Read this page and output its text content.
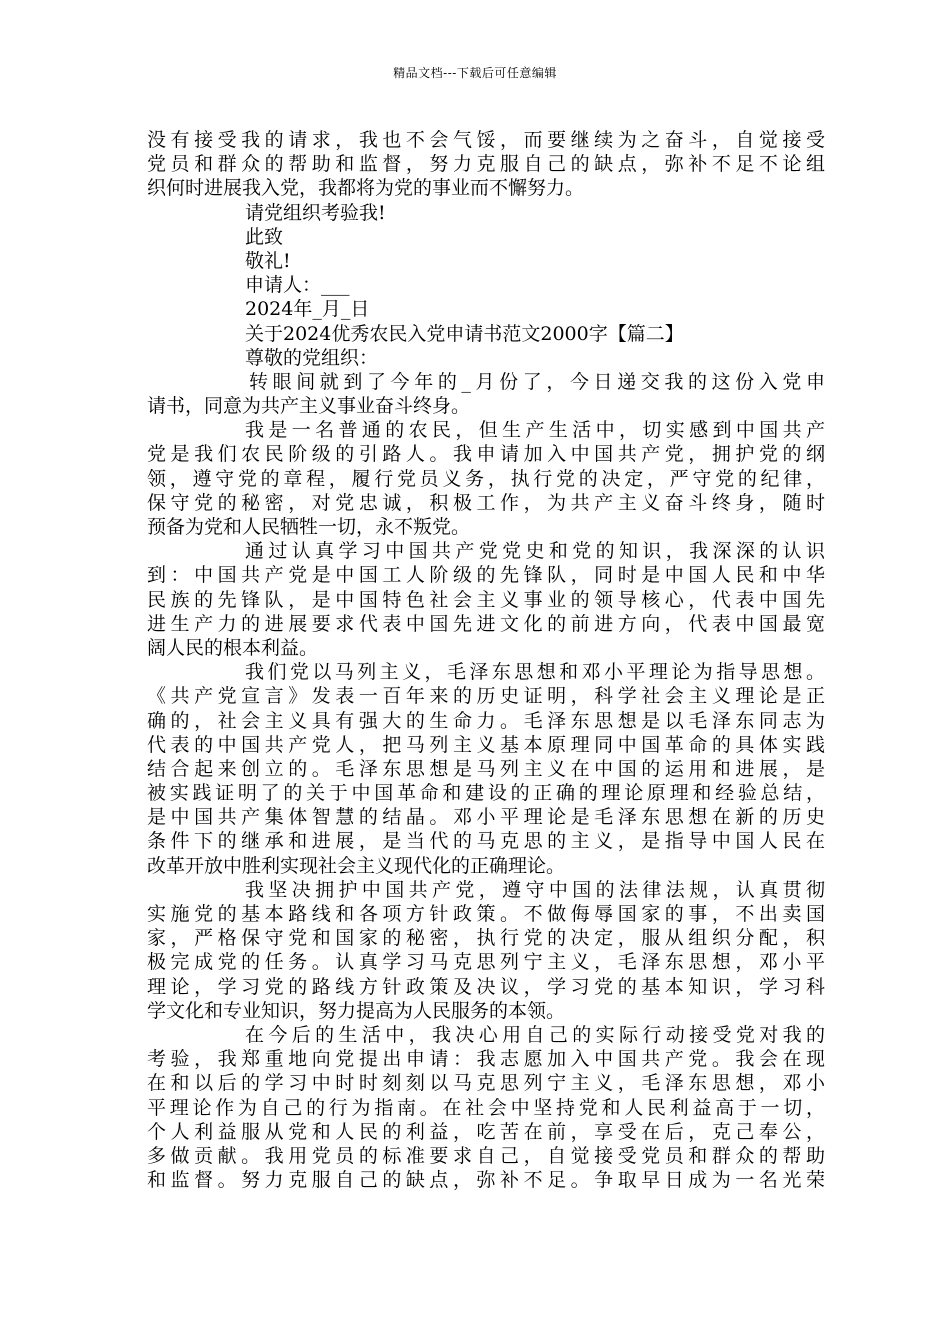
精品文档---下载后可任意编辑
没有接受我的请求，我也不会气馁，而要继续为之奋斗，自觉接受
党员和群众的帮助和监督，努力克服自己的缺点，弥补不足不论组
织何时进展我入党，我都将为党的事业而不懈努力。
请党组织考验我!
此致
敬礼!
申请人：___
2024年_月_日
关于2024优秀农民入党申请书范文2000字【篇二】
尊敬的党组织：
转眼间就到了今年的_月份了，今日递交我的这份入党申
请书，同意为共产主义事业奋斗终身。
我是一名普通的农民，但生产生活中，切实感到中国共产
党是我们农民阶级的引路人。我申请加入中国共产党，拥护党的纲
领，遵守党的章程，履行党员义务，执行党的决定，严守党的纪律，
保守党的秘密，对党忠诚，积极工作，为共产主义奋斗终身，随时
预备为党和人民牺牲一切，永不叛党。
通过认真学习中国共产党党史和党的知识，我深深的认识
到：中国共产党是中国工人阶级的先锋队，同时是中国人民和中华
民族的先锋队，是中国特色社会主义事业的领导核心，代表中国先
进生产力的进展要求代表中国先进文化的前进方向，代表中国最宽
阔人民的根本利益。
我们党以马列主义，毛泽东思想和邓小平理论为指导思想。
《共产党宣言》发表一百年来的历史证明，科学社会主义理论是正
确的，社会主义具有强大的生命力。毛泽东思想是以毛泽东同志为
代表的中国共产党人，把马列主义基本原理同中国革命的具体实践
结合起来创立的。毛泽东思想是马列主义在中国的运用和进展，是
被实践证明了的关于中国革命和建设的正确的理论原理和经验总结，
是中国共产集体智慧的结晶。邓小平理论是毛泽东思想在新的历史
条件下的继承和进展，是当代的马克思的主义，是指导中国人民在
改革开放中胜利实现社会主义现代化的正确理论。
我坚决拥护中国共产党，遵守中国的法律法规，认真贯彻
实施党的基本路线和各项方针政策。不做侮辱国家的事，不出卖国
家，严格保守党和国家的秘密，执行党的决定，服从组织分配，积
极完成党的任务。认真学习马克思列宁主义，毛泽东思想，邓小平
理论，学习党的路线方针政策及决议，学习党的基本知识，学习科
学文化和专业知识，努力提高为人民服务的本领。
在今后的生活中，我决心用自己的实际行动接受党对我的
考验，我郑重地向党提出申请：我志愿加入中国共产党。我会在现
在和以后的学习中时时刻刻以马克思列宁主义，毛泽东思想，邓小
平理论作为自己的行为指南。在社会中坚持党和人民利益高于一切，
个人利益服从党和人民的利益，吃苦在前，享受在后，克己奉公，
多做贡献。我用党员的标准要求自己，自觉接受党员和群众的帮助
和监督。努力克服自己的缺点，弥补不足。争取早日成为一名光荣
